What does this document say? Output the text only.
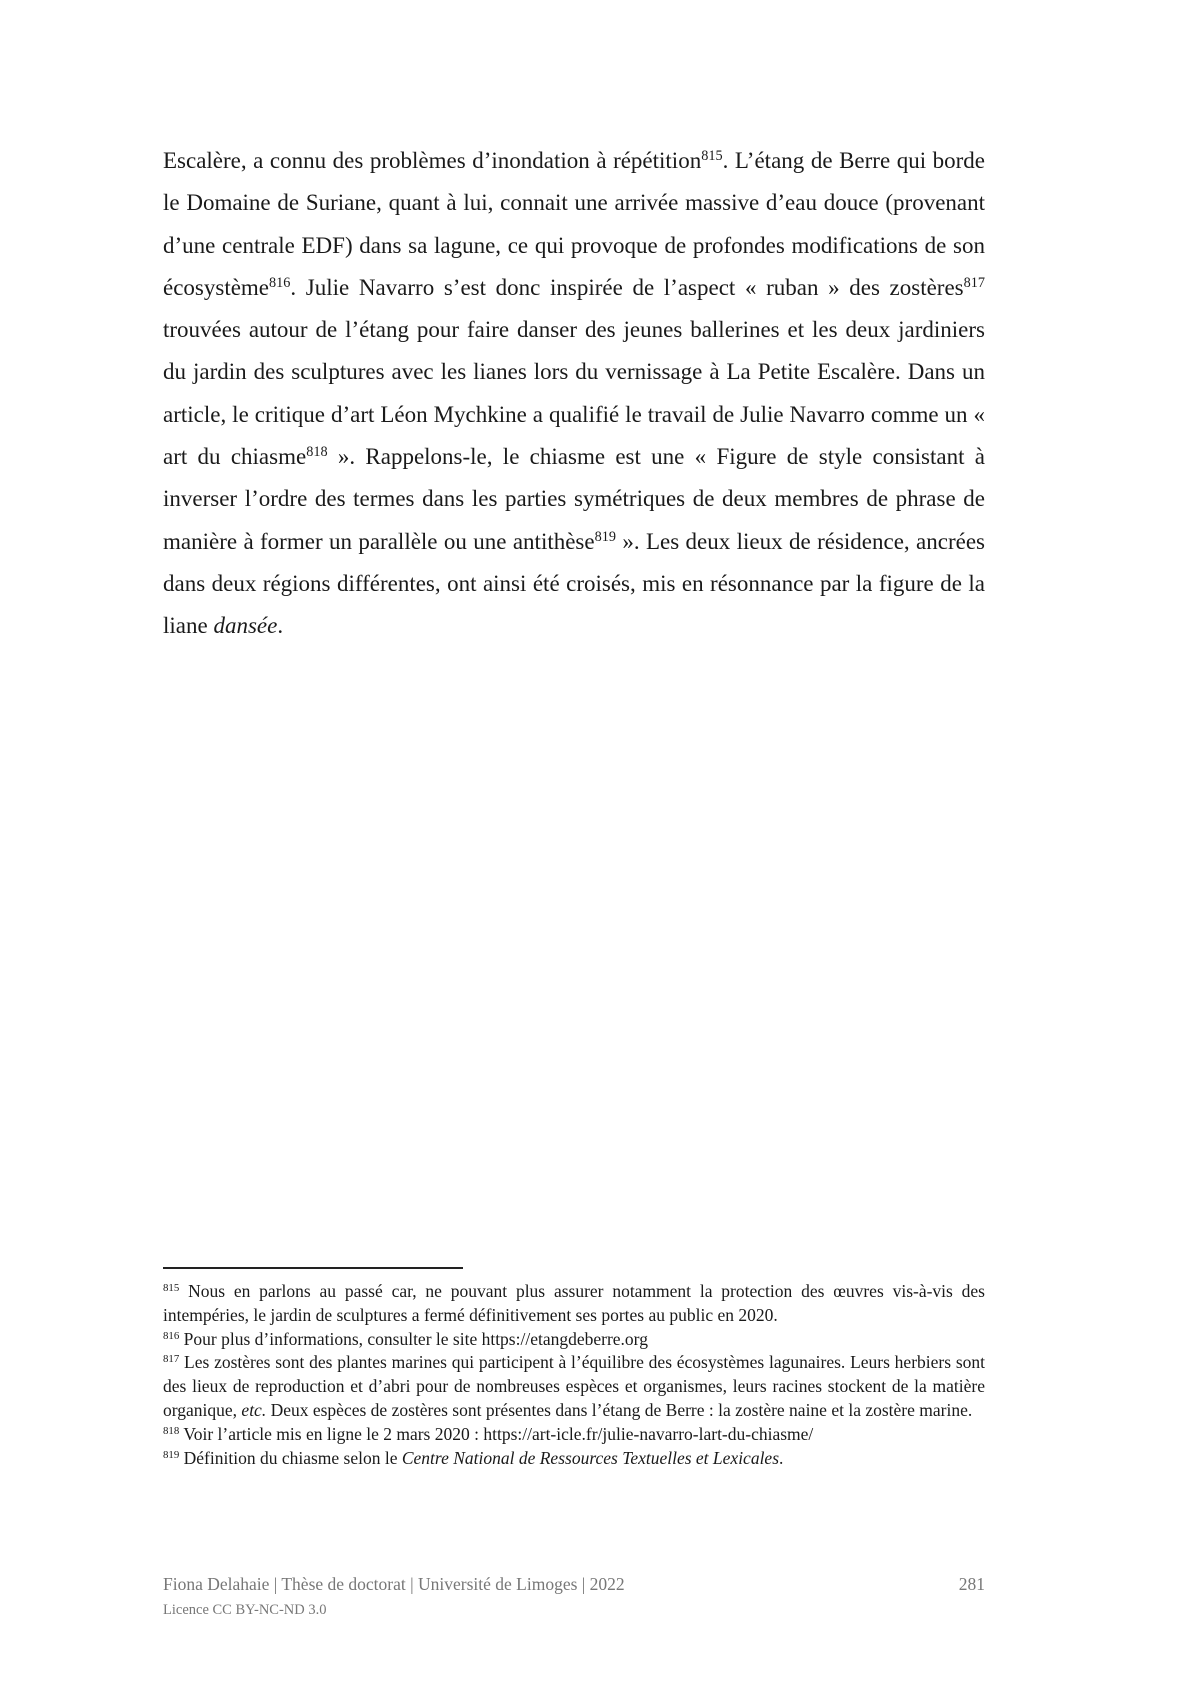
Escalère, a connu des problèmes d’inondation à répétition$^{815}$. L’étang de Berre qui borde le Domaine de Suriane, quant à lui, connait une arrivée massive d’eau douce (provenant d’une centrale EDF) dans sa lagune, ce qui provoque de profondes modifications de son écosystème$^{816}$. Julie Navarro s’est donc inspirée de l’aspect « ruban » des zostères$^{817}$ trouvées autour de l’étang pour faire danser des jeunes ballerines et les deux jardiniers du jardin des sculptures avec les lianes lors du vernissage à La Petite Escalère. Dans un article, le critique d’art Léon Mychkine a qualifié le travail de Julie Navarro comme un « art du chiasme$^{818}$ ». Rappelons-le, le chiasme est une « Figure de style consistant à inverser l’ordre des termes dans les parties symétriques de deux membres de phrase de manière à former un parallèle ou une antithèse$^{819}$ ». Les deux lieux de résidence, ancrées dans deux régions différentes, ont ainsi été croisés, mis en résonnance par la figure de la liane dansée.

$^{815}$ Nous en parlons au passé car, ne pouvant plus assurer notamment la protection des œuvres vis-à-vis des intempéries, le jardin de sculptures a fermé définitivement ses portes au public en 2020.

$^{816}$ Pour plus d’informations, consulter le site https://etangdeberre.org

$^{817}$ Les zostères sont des plantes marines qui participent à l’équilibre des écosystèmes lagunaires. Leurs herbiers sont des lieux de reproduction et d’abri pour de nombreuses espèces et organismes, leurs racines stockent de la matière organique, etc. Deux espèces de zostères sont présentes dans l’étang de Berre : la zostère naine et la zostère marine.

$^{818}$ Voir l’article mis en ligne le 2 mars 2020 : https://art-icle.fr/julie-navarro-lart-du-chiasme/

$^{819}$ Définition du chiasme selon le Centre National de Ressources Textuelles et Lexicales.

Fiona Delahaie | Thèse de doctorat | Université de Limoges | 2022	281
Licence CC BY-NC-ND 3.0
